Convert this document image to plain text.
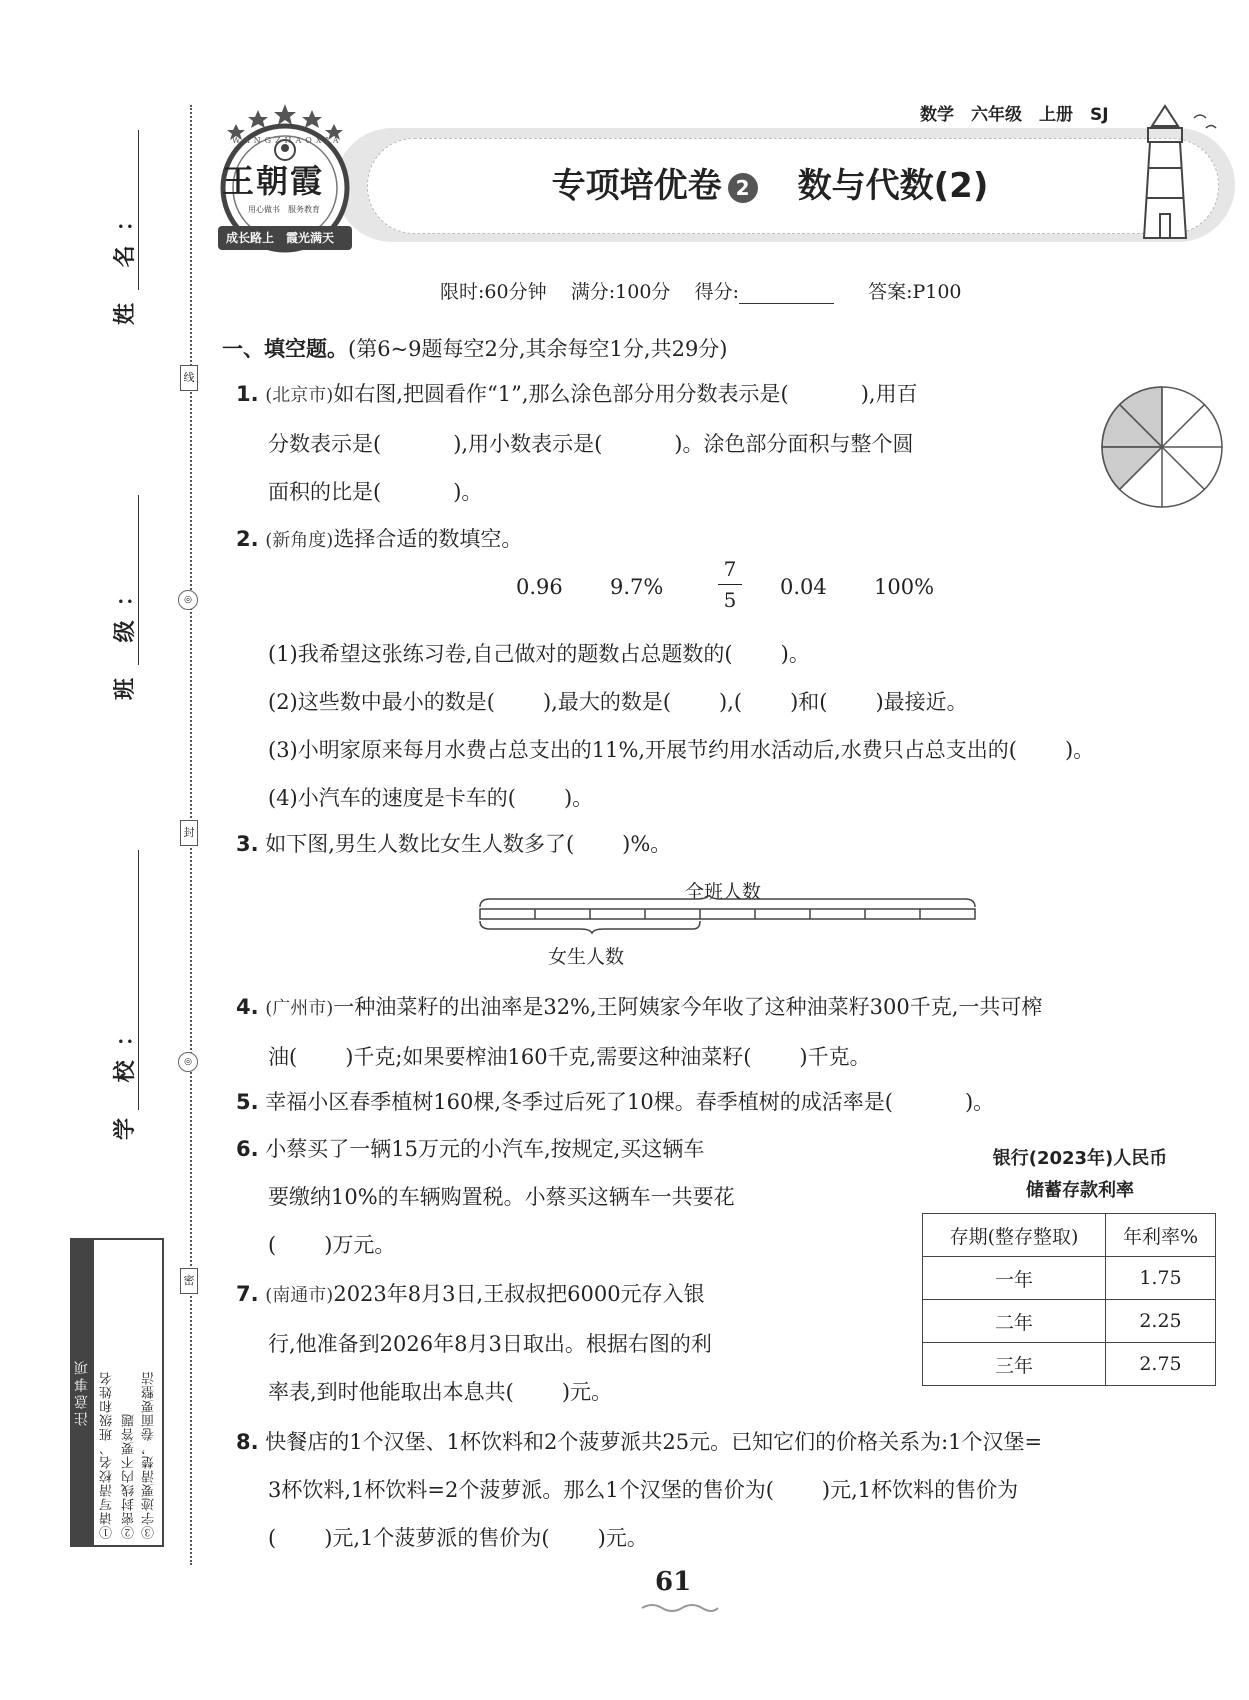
姓 名：
班 级：
学 校：
线
封
密
◎
◎
注意事项 ①请写清校名、班级和姓名 ②密封线内不要答题 ③字迹要清楚，卷面要整洁
王朝霞
WANGZHAOXIA
用心做书　服务教育
成长路上　霞光满天
数学　六年级　上册　SJ
专项培优卷 2 数与代数(2)
限时:60分钟 满分:100分 得分:	答案:P100
一、填空题。(第6~9题每空2分,其余每空1分,共29分)
1. (北京市)如右图,把圆看作“1”,那么涂色部分用分数表示是(	),用百
分数表示是(	),用小数表示是(	)。涂色部分面积与整个圆
面积的比是(	)。
2. (新角度)选择合适的数填空。
0.96 9.7%
7
5
0.04 100%
(1)我希望这张练习卷,自己做对的题数占总题数的( )。
(2)这些数中最小的数是( ),最大的数是( ),( )和( )最接近。
(3)小明家原来每月水费占总支出的11%,开展节约用水活动后,水费只占总支出的( )。
(4)小汽车的速度是卡车的( )。
3. 如下图,男生人数比女生人数多了( )%。
全班人数
女生人数
4. (广州市)一种油菜籽的出油率是32%,王阿姨家今年收了这种油菜籽300千克,一共可榨
油( )千克;如果要榨油160千克,需要这种油菜籽( )千克。
5. 幸福小区春季植树160棵,冬季过后死了10棵。春季植树的成活率是(	)。
6. 小蔡买了一辆15万元的小汽车,按规定,买这辆车
要缴纳10%的车辆购置税。小蔡买这辆车一共要花
( )万元。
7. (南通市)2023年8月3日,王叔叔把6000元存入银
行,他准备到2026年8月3日取出。根据右图的利
率表,到时他能取出本息共( )元。
银行(2023年)人民币
储蓄存款利率
存期(整存整取)	年利率%
一年	1.75
二年	2.25
三年	2.75
8. 快餐店的1个汉堡、1杯饮料和2个菠萝派共25元。已知它们的价格关系为:1个汉堡=
3杯饮料,1杯饮料=2个菠萝派。那么1个汉堡的售价为( )元,1杯饮料的售价为
( )元,1个菠萝派的售价为( )元。
61
